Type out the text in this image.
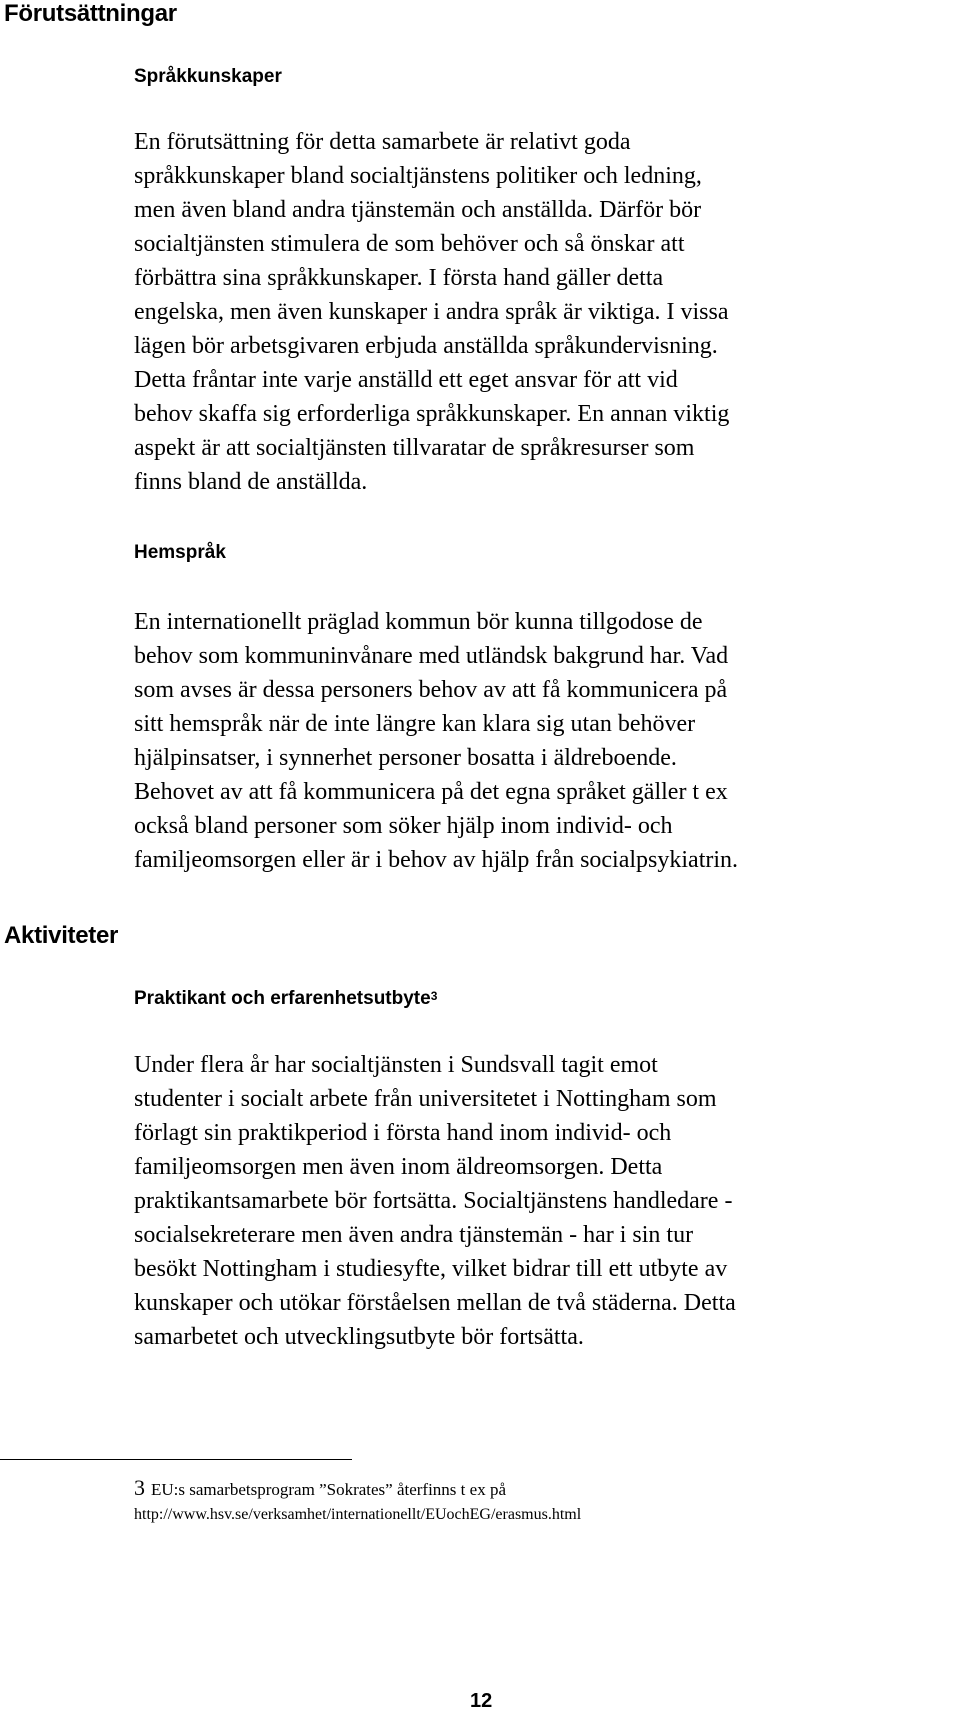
Förutsättningar
Språkkunskaper
En förutsättning för detta samarbete är relativt goda
språkkunskaper bland socialtjänstens politiker och ledning,
men även bland andra tjänstemän och anställda. Därför bör
socialtjänsten stimulera de som behöver och så önskar att
förbättra sina språkkunskaper. I första hand gäller detta
engelska, men även kunskaper i andra språk är viktiga. I vissa
lägen bör arbetsgivaren erbjuda anställda språkundervisning.
Detta fråntar inte varje anställd ett eget ansvar för att vid
behov skaffa sig erforderliga språkkunskaper. En annan viktig
aspekt är att socialtjänsten tillvaratar de språkresurser som
finns bland de anställda.
Hemspråk
En internationellt präglad kommun bör kunna tillgodose de
behov som kommuninvånare med utländsk bakgrund har. Vad
som avses är dessa personers behov av att få kommunicera på
sitt hemspråk när de inte längre kan klara sig utan behöver
hjälpinsatser, i synnerhet personer bosatta i äldreboende.
Behovet av att få kommunicera på det egna språket gäller t ex
också bland personer som söker hjälp inom individ- och
familjeomsorgen eller är i behov av hjälp från socialpsykiatrin.
Aktiviteter
Praktikant och erfarenhetsutbyte$^3$
Under flera år har socialtjänsten i Sundsvall tagit emot
studenter i socialt arbete från universitetet i Nottingham som
förlagt sin praktikperiod i första hand inom individ- och
familjeomsorgen men även inom äldreomsorgen. Detta
praktikantsamarbete bör fortsätta. Socialtjänstens handledare -
socialsekreterare men även andra tjänstemän - har i sin tur
besökt Nottingham i studiesyfte, vilket bidrar till ett utbyte av
kunskaper och utökar förståelsen mellan de två städerna. Detta
samarbetet och utvecklingsutbyte bör fortsätta.
3 EU:s samarbetsprogram ”Sokrates” återfinns t ex på
http://www.hsv.se/verksamhet/internationellt/EUochEG/erasmus.html
12
